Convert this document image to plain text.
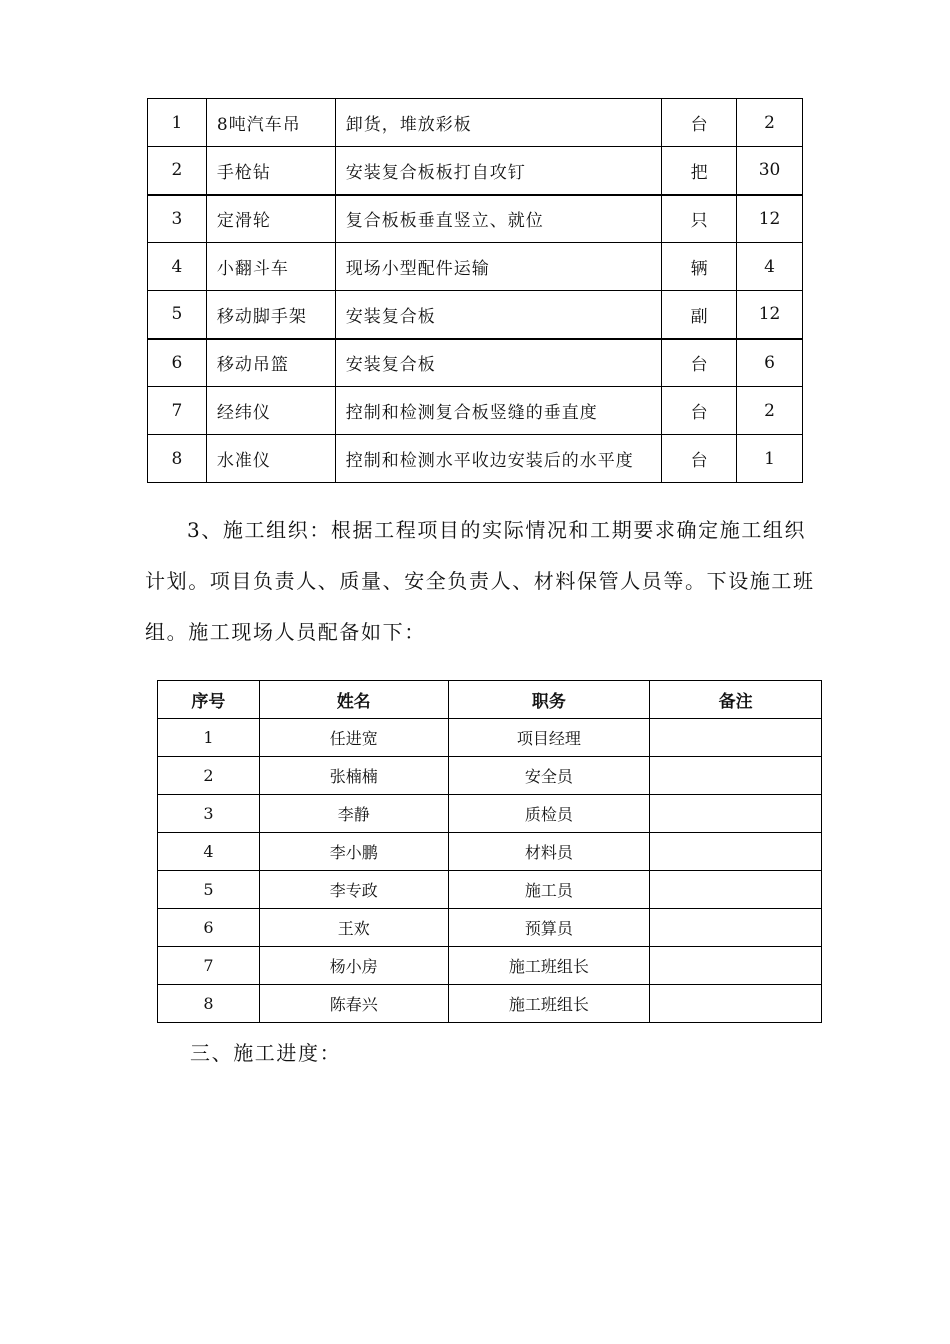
1	8吨汽车吊	卸货，堆放彩板	台	2
2	手枪钻	安装复合板板打自攻钉	把	30
3	定滑轮	复合板板垂直竖立、就位	只	12
4	小翻斗车	现场小型配件运输	辆	4
5	移动脚手架	安装复合板	副	12
6	移动吊篮	安装复合板	台	6
7	经纬仪	控制和检测复合板竖缝的垂直度	台	2
8	水准仪	控制和检测水平收边安装后的水平度	台	1

3、施工组织：根据工程项目的实际情况和工期要求确定施工组织计划。项目负责人、质量、安全负责人、材料保管人员等。下设施工班组。施工现场人员配备如下：

序号	姓名	职务	备注
1	任进宽	项目经理	
2	张楠楠	安全员	
3	李静	质检员	
4	李小鹏	材料员	
5	李专政	施工员	
6	王欢	预算员	
7	杨小房	施工班组长	
8	陈春兴	施工班组长	

三、施工进度：
